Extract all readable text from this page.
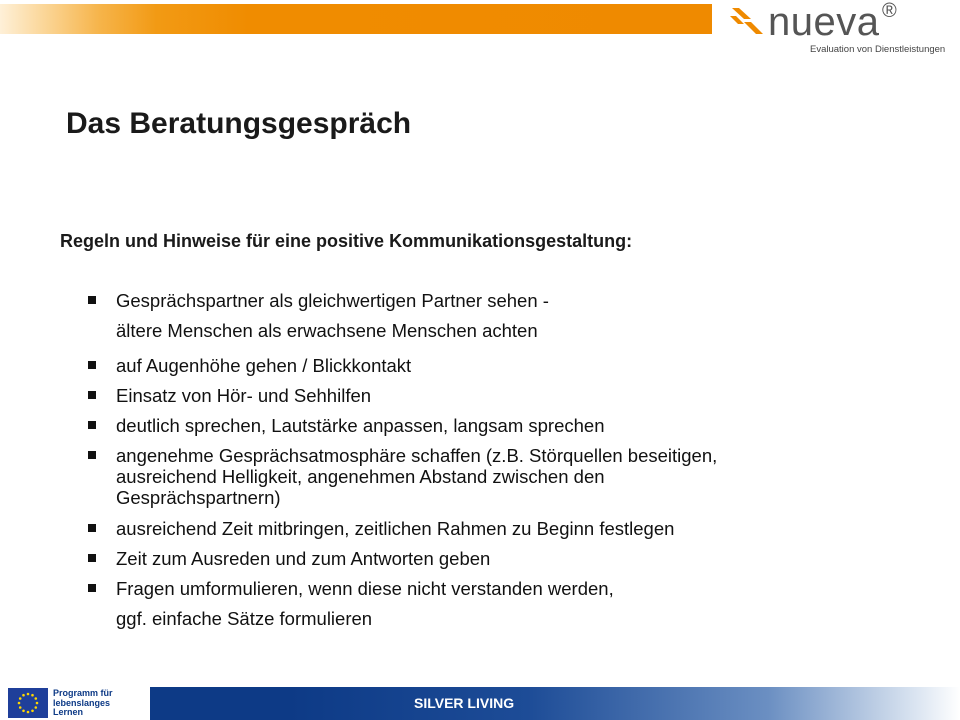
nueva ®
Evaluation von Dienstleistungen
Das Beratungsgespräch
Regeln und Hinweise für eine positive Kommunikationsgestaltung:
Gesprächspartner als gleichwertigen Partner sehen -
ältere Menschen als erwachsene Menschen achten
auf Augenhöhe gehen / Blickkontakt
Einsatz von Hör- und Sehhilfen
deutlich sprechen, Lautstärke anpassen, langsam sprechen
angenehme Gesprächsatmosphäre schaffen (z.B. Störquellen beseitigen,
ausreichend Helligkeit, angenehmen Abstand zwischen den
Gesprächspartnern)
ausreichend Zeit mitbringen, zeitlichen Rahmen zu Beginn festlegen
Zeit zum Ausreden und zum Antworten geben
Fragen umformulieren, wenn diese nicht verstanden werden,
ggf. einfache Sätze formulieren
Programm für
lebenslanges
Lernen
SILVER LIVING
